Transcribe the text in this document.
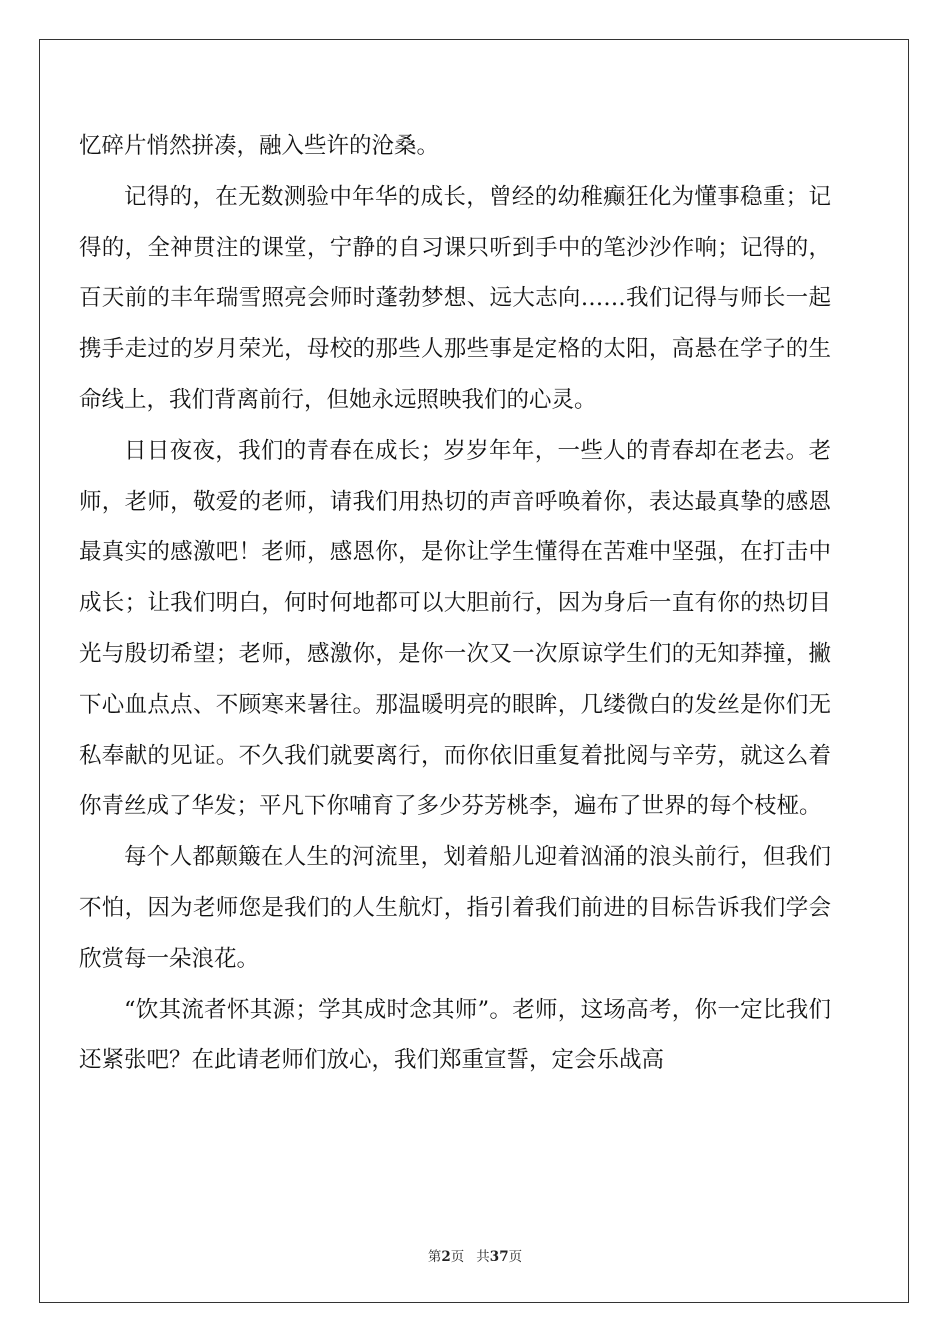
忆碎片悄然拼凑，融入些许的沧桑。

记得的，在无数测验中年华的成长，曾经的幼稚癫狂化为懂事稳重；记得的，全神贯注的课堂，宁静的自习课只听到手中的笔沙沙作响；记得的，百天前的丰年瑞雪照亮会师时蓬勃梦想、远大志向……我们记得与师长一起携手走过的岁月荣光，母校的那些人那些事是定格的太阳，高悬在学子的生命线上，我们背离前行，但她永远照映我们的心灵。

日日夜夜，我们的青春在成长；岁岁年年，一些人的青春却在老去。老师，老师，敬爱的老师，请我们用热切的声音呼唤着你，表达最真挚的感恩最真实的感激吧！老师，感恩你，是你让学生懂得在苦难中坚强，在打击中成长；让我们明白，何时何地都可以大胆前行，因为身后一直有你的热切目光与殷切希望；老师，感激你，是你一次又一次原谅学生们的无知莽撞，撇下心血点点、不顾寒来暑往。那温暖明亮的眼眸，几缕微白的发丝是你们无私奉献的见证。不久我们就要离行，而你依旧重复着批阅与辛劳，就这么着你青丝成了华发；平凡下你哺育了多少芬芳桃李，遍布了世界的每个枝桠。

每个人都颠簸在人生的河流里，划着船儿迎着汹涌的浪头前行，但我们不怕，因为老师您是我们的人生航灯，指引着我们前进的目标告诉我们学会欣赏每一朵浪花。

“饮其流者怀其源；学其成时念其师”。老师，这场高考，你一定比我们还紧张吧？在此请老师们放心，我们郑重宣誓，定会乐战高

第2页 共37页
